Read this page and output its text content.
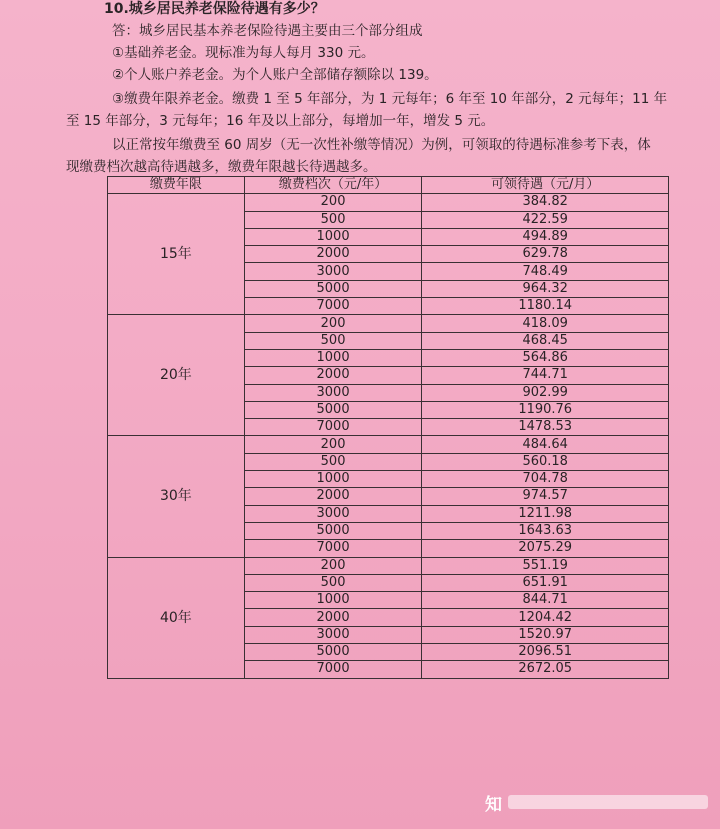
10.城乡居民养老保险待遇有多少？
答：城乡居民基本养老保险待遇主要由三个部分组成
①基础养老金。现标准为每人每月 330 元。
②个人账户养老金。为个人账户全部储存额除以 139。
③缴费年限养老金。缴费 1 至 5 年部分，为 1 元每年；6 年至 10 年部分，2 元每年；11 年
至 15 年部分，3 元每年；16 年及以上部分，每增加一年，增发 5 元。
以正常按年缴费至 60 周岁（无一次性补缴等情况）为例，可领取的待遇标准参考下表，体
现缴费档次越高待遇越多，缴费年限越长待遇越多。
缴费年限	缴费档次（元/年）	可领待遇（元/月）
15年	200	384.82
	500	422.59
	1000	494.89
	2000	629.78
	3000	748.49
	5000	964.32
	7000	1180.14
20年	200	418.09
	500	468.45
	1000	564.86
	2000	744.71
	3000	902.99
	5000	1190.76
	7000	1478.53
30年	200	484.64
	500	560.18
	1000	704.78
	2000	974.57
	3000	1211.98
	5000	1643.63
	7000	2075.29
40年	200	551.19
	500	651.91
	1000	844.71
	2000	1204.42
	3000	1520.97
	5000	2096.51
	7000	2672.05
知
